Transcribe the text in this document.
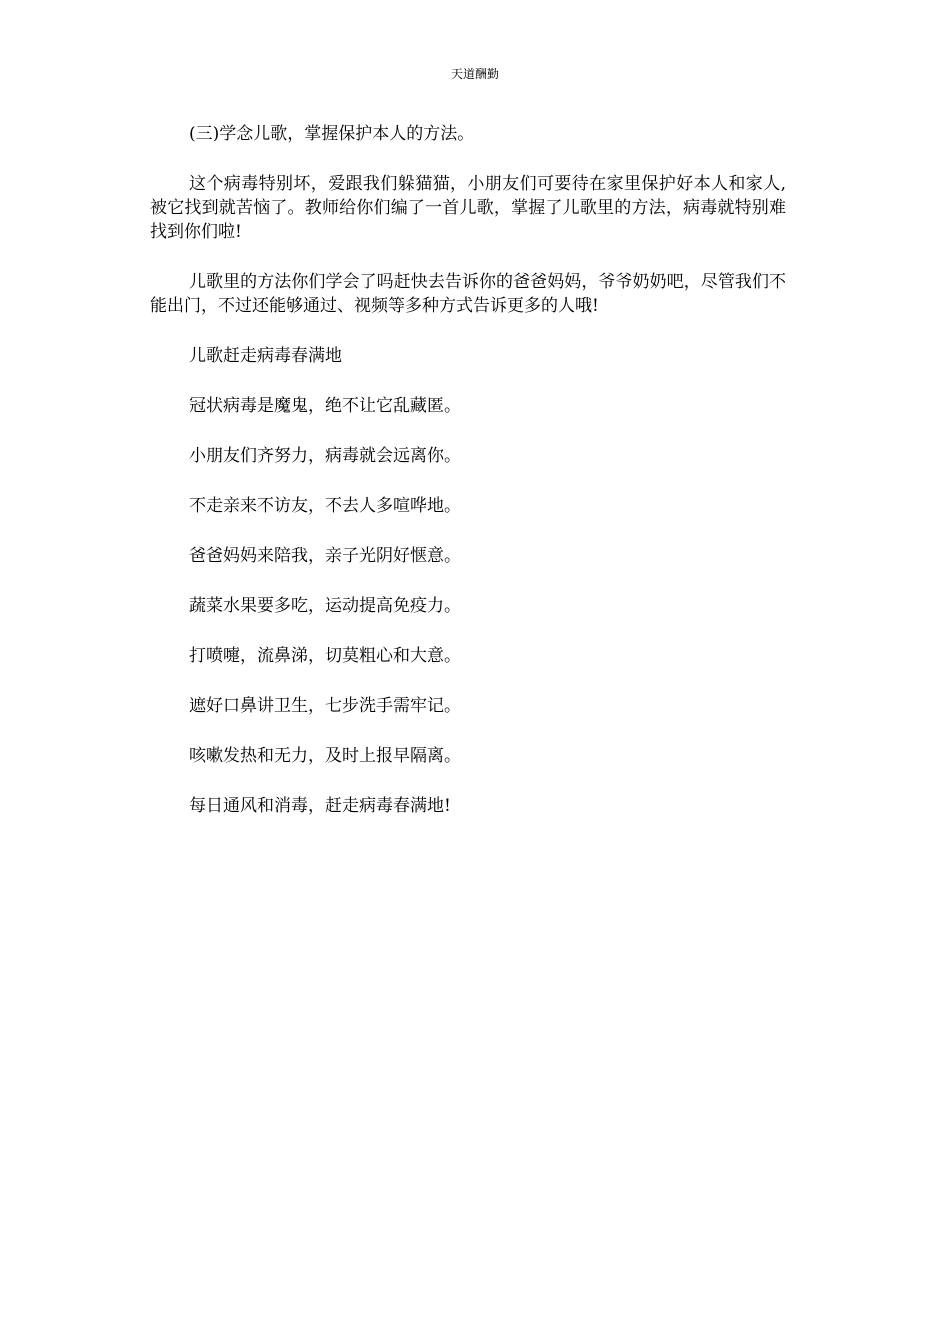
天道酬勤

(三)学念儿歌，掌握保护本人的方法。

这个病毒特别坏，爱跟我们躲猫猫，小朋友们可要待在家里保护好本人和家人,被它找到就苦恼了。教师给你们编了一首儿歌，掌握了儿歌里的方法，病毒就特别难找到你们啦!

儿歌里的方法你们学会了吗赶快去告诉你的爸爸妈妈，爷爷奶奶吧，尽管我们不能出门，不过还能够通过、视频等多种方式告诉更多的人哦!

儿歌赶走病毒春满地

冠状病毒是魔鬼，绝不让它乱藏匿。

小朋友们齐努力，病毒就会远离你。

不走亲来不访友，不去人多喧哗地。

爸爸妈妈来陪我，亲子光阴好惬意。

蔬菜水果要多吃，运动提高免疫力。

打喷嚏，流鼻涕，切莫粗心和大意。

遮好口鼻讲卫生，七步洗手需牢记。

咳嗽发热和无力，及时上报早隔离。

每日通风和消毒，赶走病毒春满地!
